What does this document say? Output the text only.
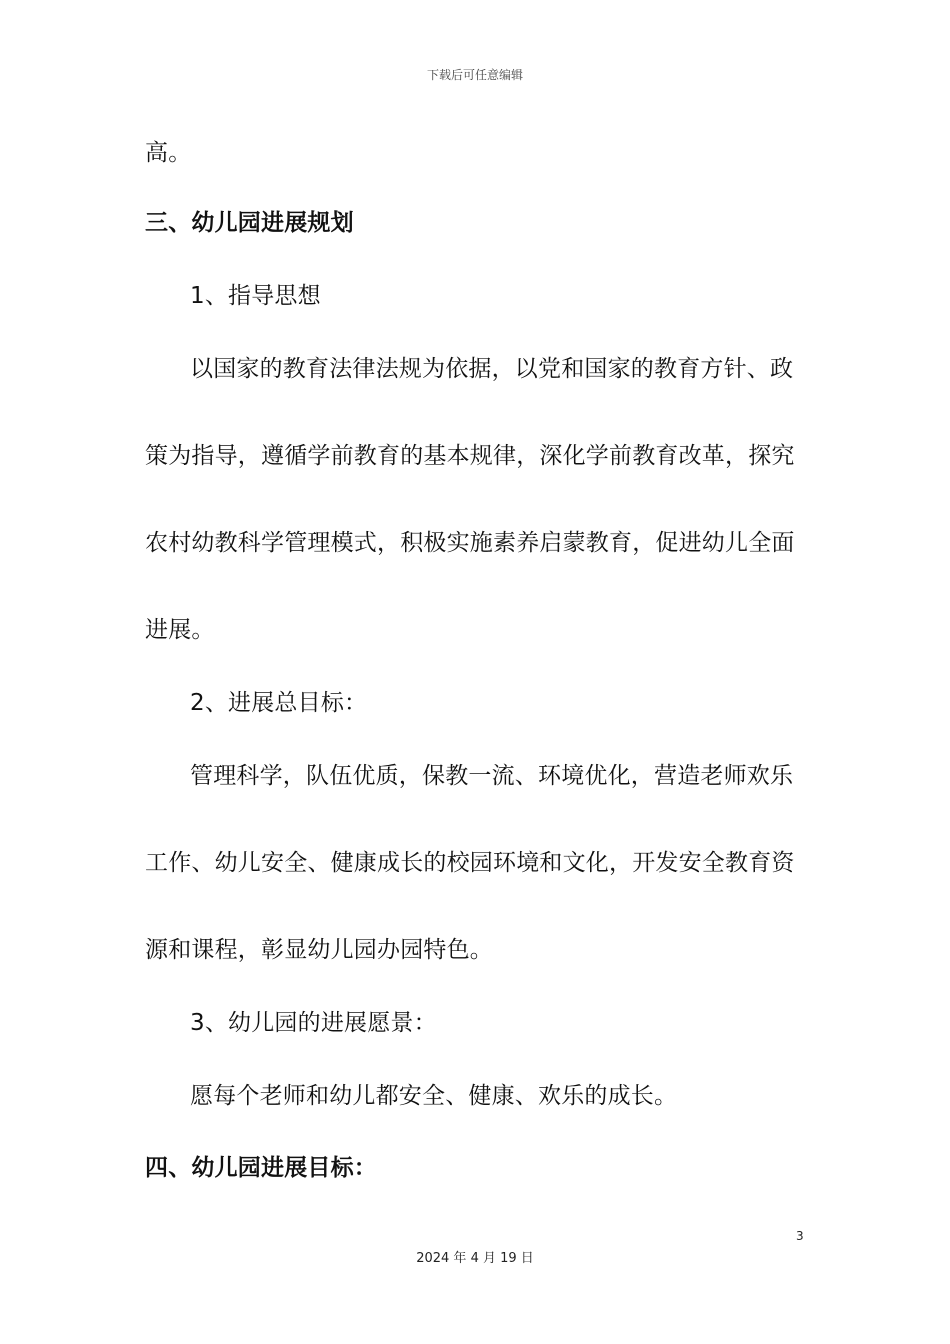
下载后可任意编辑
高。
三、幼儿园进展规划
1、指导思想
以国家的教育法律法规为依据，以党和国家的教育方针、政
策为指导，遵循学前教育的基本规律，深化学前教育改革，探究
农村幼教科学管理模式，积极实施素养启蒙教育，促进幼儿全面
进展。
2、进展总目标：
管理科学，队伍优质，保教一流、环境优化，营造老师欢乐
工作、幼儿安全、健康成长的校园环境和文化，开发安全教育资
源和课程，彰显幼儿园办园特色。
3、幼儿园的进展愿景：
愿每个老师和幼儿都安全、健康、欢乐的成长。
四、幼儿园进展目标：
3
2024 年 4 月 19 日
